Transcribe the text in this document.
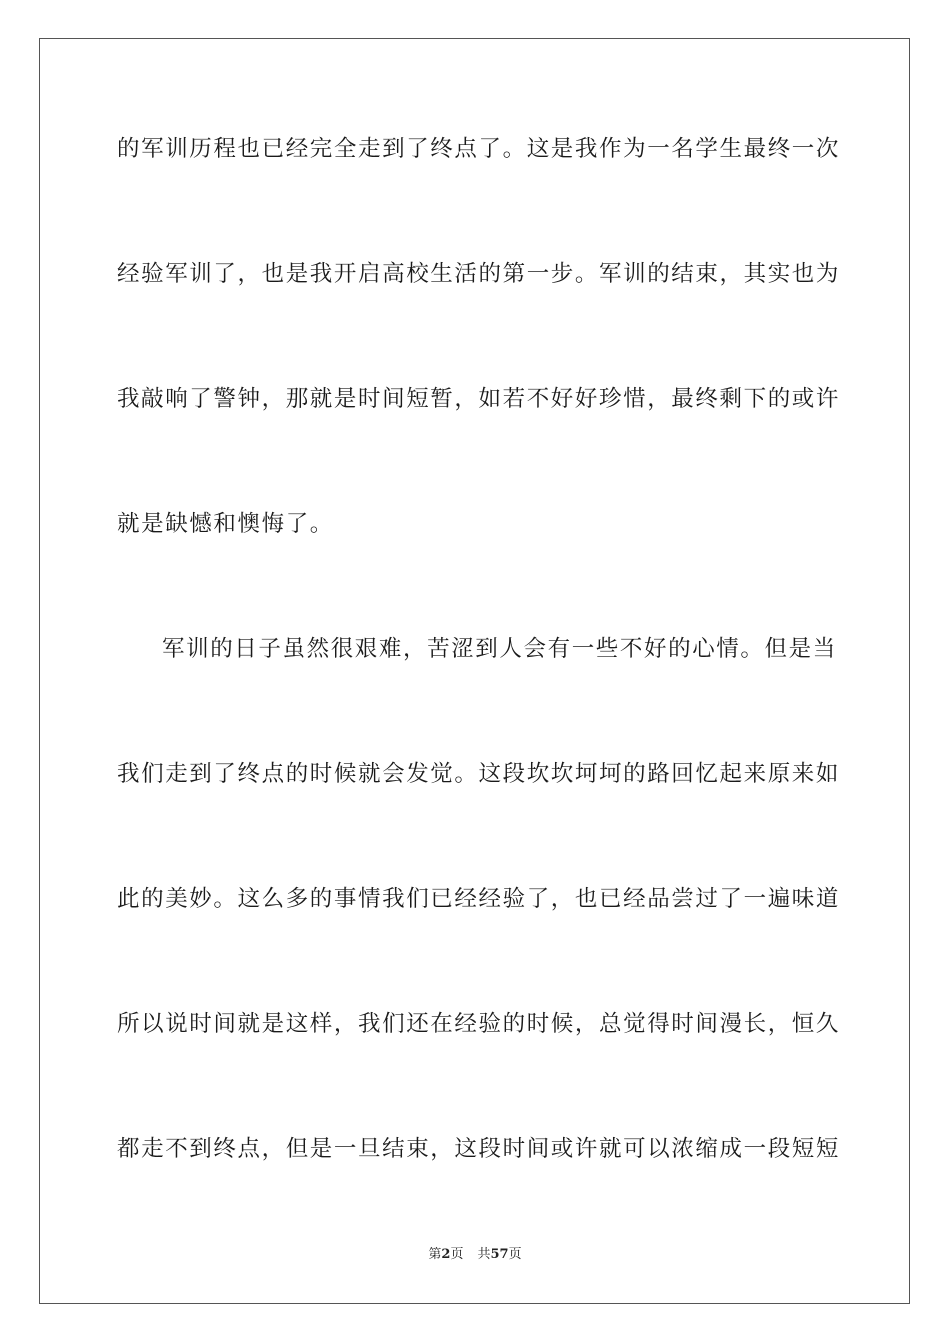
的军训历程也已经完全走到了终点了。这是我作为一名学生最终一次
经验军训了，也是我开启高校生活的第一步。军训的结束，其实也为
我敲响了警钟，那就是时间短暂，如若不好好珍惜，最终剩下的或许
就是缺憾和懊悔了。
军训的日子虽然很艰难，苦涩到人会有一些不好的心情。但是当
我们走到了终点的时候就会发觉。这段坎坎坷坷的路回忆起来原来如
此的美妙。这么多的事情我们已经经验了，也已经品尝过了一遍味道
所以说时间就是这样，我们还在经验的时候，总觉得时间漫长，恒久
都走不到终点，但是一旦结束，这段时间或许就可以浓缩成一段短短
第2页 共57页
